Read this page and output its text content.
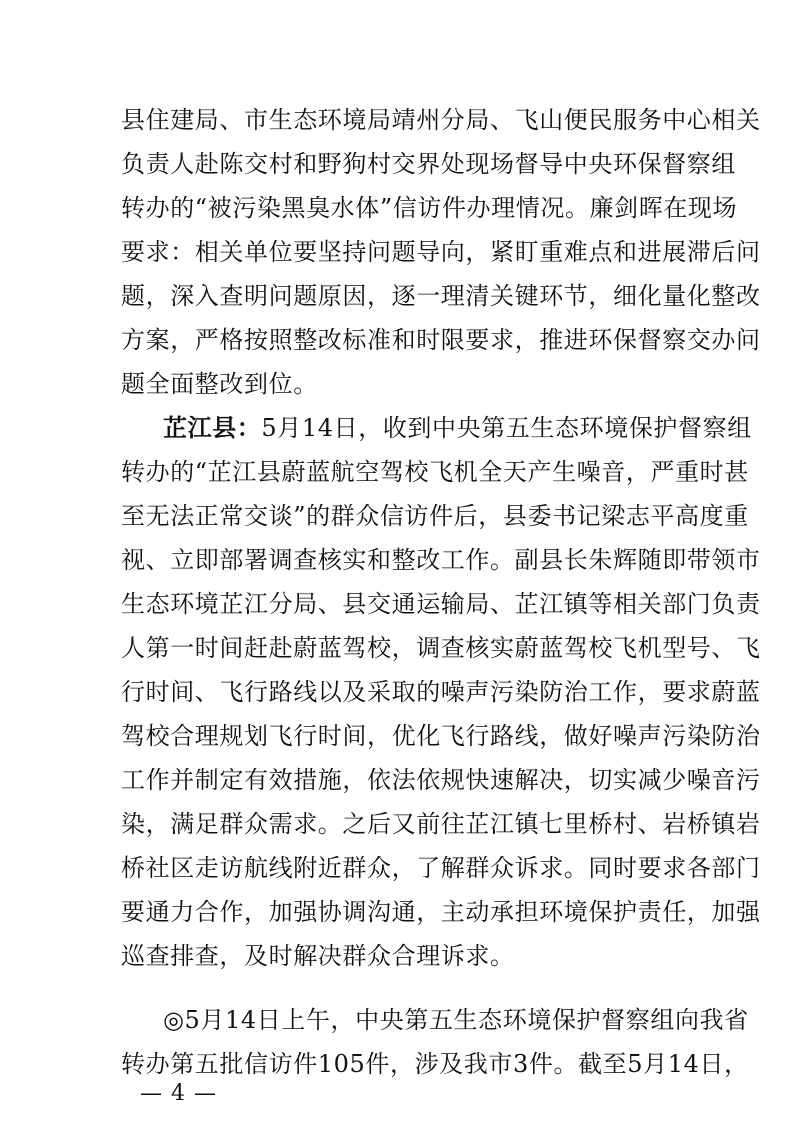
县住建局、市生态环境局靖州分局、飞山便民服务中心相关
负责人赴陈交村和野狗村交界处现场督导中央环保督察组
转办的“被污染黑臭水体”信访件办理情况。廉剑晖在现场
要求：相关单位要坚持问题导向，紧盯重难点和进展滞后问
题，深入查明问题原因，逐一理清关键环节，细化量化整改
方案，严格按照整改标准和时限要求，推进环保督察交办问
题全面整改到位。
芷江县：5月14日，收到中央第五生态环境保护督察组
转办的“芷江县蔚蓝航空驾校飞机全天产生噪音，严重时甚
至无法正常交谈”的群众信访件后，县委书记梁志平高度重
视、立即部署调查核实和整改工作。副县长朱辉随即带领市
生态环境芷江分局、县交通运输局、芷江镇等相关部门负责
人第一时间赶赴蔚蓝驾校，调查核实蔚蓝驾校飞机型号、飞
行时间、飞行路线以及采取的噪声污染防治工作，要求蔚蓝
驾校合理规划飞行时间，优化飞行路线，做好噪声污染防治
工作并制定有效措施，依法依规快速解决，切实减少噪音污
染，满足群众需求。之后又前往芷江镇七里桥村、岩桥镇岩
桥社区走访航线附近群众，了解群众诉求。同时要求各部门
要通力合作，加强协调沟通，主动承担环境保护责任，加强
巡查排查，及时解决群众合理诉求。
◎5月14日上午，中央第五生态环境保护督察组向我省
转办第五批信访件105件，涉及我市3件。截至5月14日，
— 4 —
